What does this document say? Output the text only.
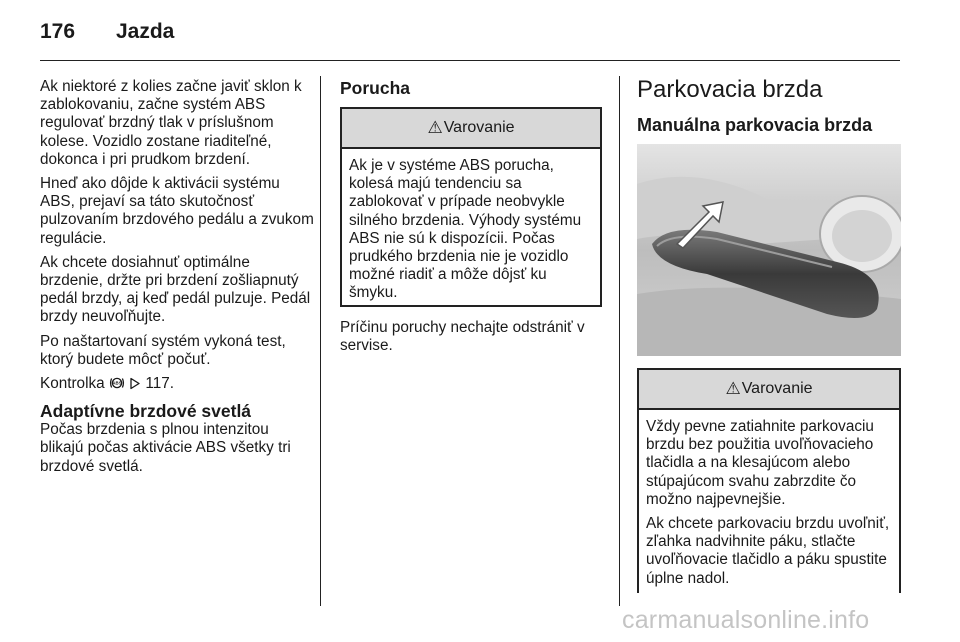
176 Jazda

Ak niektoré z kolies začne javiť sklon k zablokovaniu, začne systém ABS regulovať brzdný tlak v príslušnom kolese. Vozidlo zostane riaditeľné, dokonca i pri prudkom brzdení.

Hneď ako dôjde k aktivácii systému ABS, prejaví sa táto skutočnosť pulzovaním brzdového pedálu a zvukom regulácie.

Ak chcete dosiahnuť optimálne brzdenie, držte pri brzdení zošliapnutý pedál brzdy, aj keď pedál pulzuje. Pedál brzdy neuvoľňujte.

Po naštartovaní systém vykoná test, ktorý budete môcť počuť.

Kontrolka ABS 117.

Adaptívne brzdové svetlá

Počas brzdenia s plnou intenzitou blikajú počas aktivácie ABS všetky tri brzdové svetlá.

Porucha
⚠ Varovanie

Ak je v systéme ABS porucha, kolesá majú tendenciu sa zablokovať v prípade neobvykle silného brzdenia. Výhody systému ABS nie sú k dispozícii. Počas prudkého brzdenia nie je vozidlo možné riadiť a môže dôjsť ku šmyku.

Príčinu poruchy nechajte odstrániť v servise.

Parkovacia brzda
Manuálna parkovacia brzda
⚠ Varovanie

Vždy pevne zatiahnite parkovaciu brzdu bez použitia uvoľňovacieho tlačidla a na klesajúcom alebo stúpajúcom svahu zabrzdite čo možno najpevnejšie.

Ak chcete parkovaciu brzdu uvoľniť, zľahka nadvihnite páku, stlačte uvoľňovacie tlačidlo a páku spustite úplne nadol.

carmanualsonline.info
